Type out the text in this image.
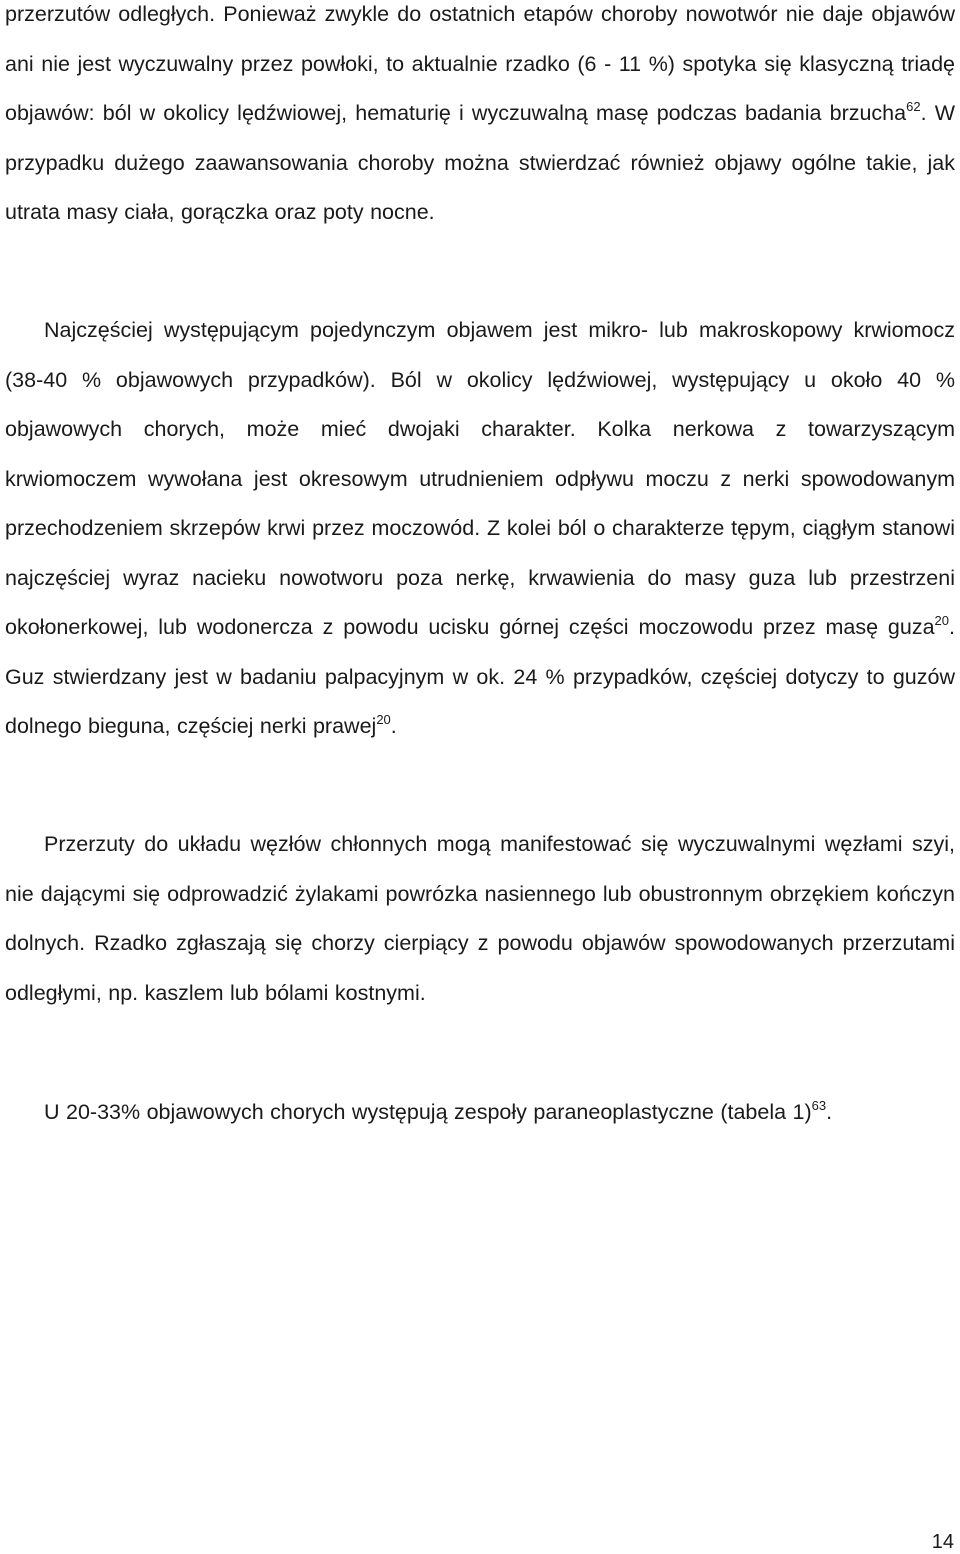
przerzutów odległych. Ponieważ zwykle do ostatnich etapów choroby nowotwór nie daje objawów ani nie jest wyczuwalny przez powłoki, to aktualnie rzadko (6 - 11 %) spotyka się klasyczną triadę objawów: ból w okolicy lędźwiowej, hematurię i wyczuwalną masę podczas badania brzucha$^{62}$. W przypadku dużego zaawansowania choroby można stwierdzać również objawy ogólne takie, jak utrata masy ciała, gorączka oraz poty nocne.

Najczęściej występującym pojedynczym objawem jest mikro- lub makroskopowy krwiomocz (38-40 % objawowych przypadków). Ból w okolicy lędźwiowej, występujący u około 40 % objawowych chorych, może mieć dwojaki charakter. Kolka nerkowa z towarzyszącym krwiomoczem wywołana jest okresowym utrudnieniem odpływu moczu z nerki spowodowanym przechodzeniem skrzepów krwi przez moczowód. Z kolei ból o charakterze tępym, ciągłym stanowi najczęściej wyraz nacieku nowotworu poza nerkę, krwawienia do masy guza lub przestrzeni okołonerkowej, lub wodonercza z powodu ucisku górnej części moczowodu przez masę guza$^{20}$. Guz stwierdzany jest w badaniu palpacyjnym w ok. 24 % przypadków, częściej dotyczy to guzów dolnego bieguna, częściej nerki prawej$^{20}$.

Przerzuty do układu węzłów chłonnych mogą manifestować się wyczuwalnymi węzłami szyi, nie dającymi się odprowadzić żylakami powrózka nasiennego lub obustronnym obrzękiem kończyn dolnych. Rzadko zgłaszają się chorzy cierpiący z powodu objawów spowodowanych przerzutami odległymi, np. kaszlem lub bólami kostnymi.

U 20-33% objawowych chorych występują zespoły paraneoplastyczne (tabela 1)$^{63}$.

14
